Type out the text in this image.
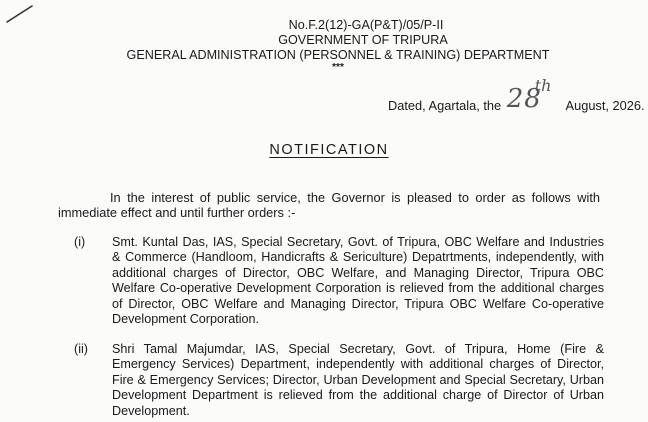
No.F.2(12)-GA(P&T)/05/P-II
GOVERNMENT OF TRIPURA
GENERAL ADMINISTRATION (PERSONNEL & TRAINING) DEPARTMENT
***
Dated, Agartala, the 28
th
August, 2026.
NOTIFICATION
In the interest of public service, the Governor is pleased to order as follows with immediate effect and until further orders :-
(i) Smt. Kuntal Das, IAS, Special Secretary, Govt. of Tripura, OBC Welfare and Industries & Commerce (Handloom, Handicrafts & Sericulture) Depatrtments, independently, with additional charges of Director, OBC Welfare, and Managing Director, Tripura OBC Welfare Co-operative Development Corporation is relieved from the additional charges of Director, OBC Welfare and Managing Director, Tripura OBC Welfare Co-operative Development Corporation.
(ii) Shri Tamal Majumdar, IAS, Special Secretary, Govt. of Tripura, Home (Fire & Emergency Services) Department, independently with additional charges of Director, Fire & Emergency Services; Director, Urban Development and Special Secretary, Urban Development Department is relieved from the additional charge of Director of Urban Development.
